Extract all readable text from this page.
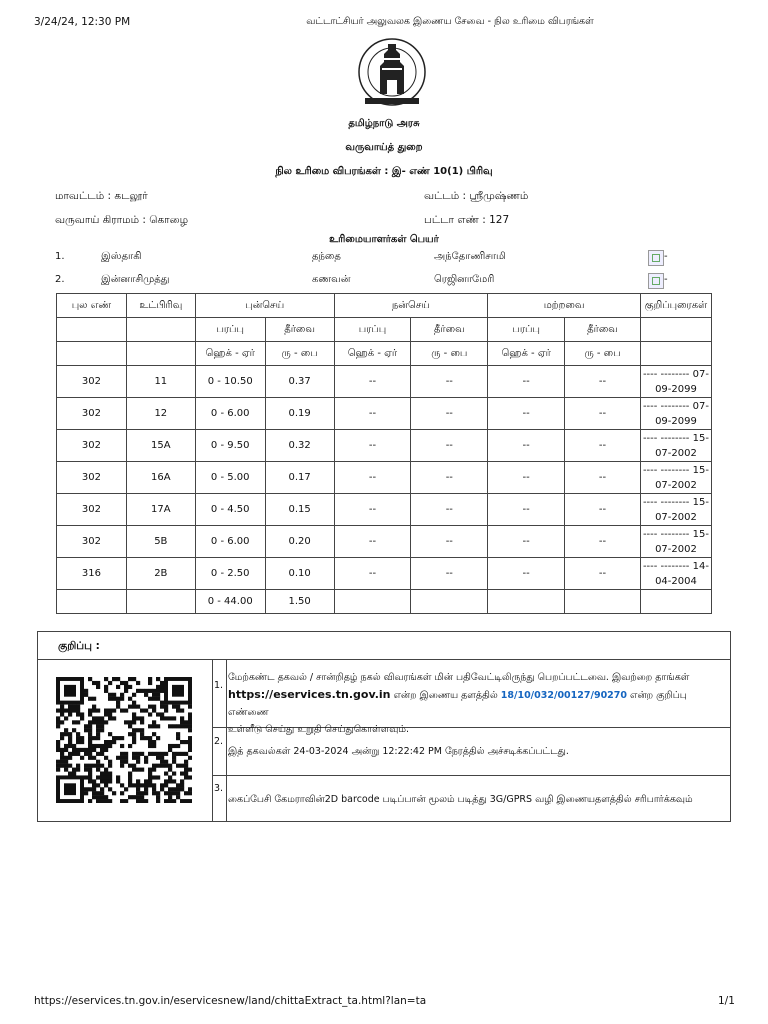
3/24/24, 12:30 PM	வட்டாட்சியர் அலுவலக இணைய சேவை - நில உரிமை விபரங்கள்
தமிழ்நாடு அரசு
வருவாய்த் துறை
நில உரிமை விபரங்கள் : இ- எண் 10(1) பிரிவு
மாவட்டம் : கடலூர்	வட்டம் : ஸ்ரீமுஷ்ணம்
வருவாய் கிராமம் : கொழை	பட்டா எண் : 127
உரிமையாளர்கள் பெயர்
1.	இஸ்தாகி	தந்தை	அந்தோணிசாமி	-
2.	இன்னாசிமுத்து	கணவன்	ரெஜினாமேரி	-
புல எண்	உட்பிரிவு	புன்செய்		நன்செய்		மற்றவை		குறிப்புரைகள்
		பரப்பு	தீர்வை	பரப்பு	தீர்வை	பரப்பு	தீர்வை	
		ஹெக் - ஏர்	ரு - பை	ஹெக் - ஏர்	ரு - பை	ஹெக் - ஏர்	ரு - பை	
302	11	0 - 10.50	0.37	--	--	--	--	---- -------- 07-
09-2099

302	12	0 - 6.00	0.19	--	--	--	--	---- -------- 07-
09-2099

302	15A	0 - 9.50	0.32	--	--	--	--	---- -------- 15-
07-2002

302	16A	0 - 5.00	0.17	--	--	--	--	---- -------- 15-
07-2002

302	17A	0 - 4.50	0.15	--	--	--	--	---- -------- 15-
07-2002

302	5B	0 - 6.00	0.20	--	--	--	--	---- -------- 15-
07-2002

316	2B	0 - 2.50	0.10	--	--	--	--	---- -------- 14-
04-2004

		0 - 44.00	1.50					
குறிப்பு :
1.
மேற்கண்ட தகவல் / சான்றிதழ் நகல் விவரங்கள் மின் பதிவேட்டிலிருந்து பெறப்பட்டவை. இவற்றை தாங்கள்
https://eservices.tn.gov.in என்ற இணைய தளத்தில் 18/10/032/00127/90270 என்ற குறிப்பு எண்ணை
உள்ளீடு செய்து உறுதி செய்துகொள்ளவும்.
2.
இத் தகவல்கள் 24-03-2024 அன்று 12:22:42 PM நேரத்தில் அச்சடிக்கப்பட்டது.
3.
கைப்பேசி கேமராவின்2D barcode படிப்பான் மூலம் படித்து 3G/GPRS வழி இணையதளத்தில் சரிபார்க்கவும்
https://eservices.tn.gov.in/eservicesnew/land/chittaExtract_ta.html?lan=ta	1/1
